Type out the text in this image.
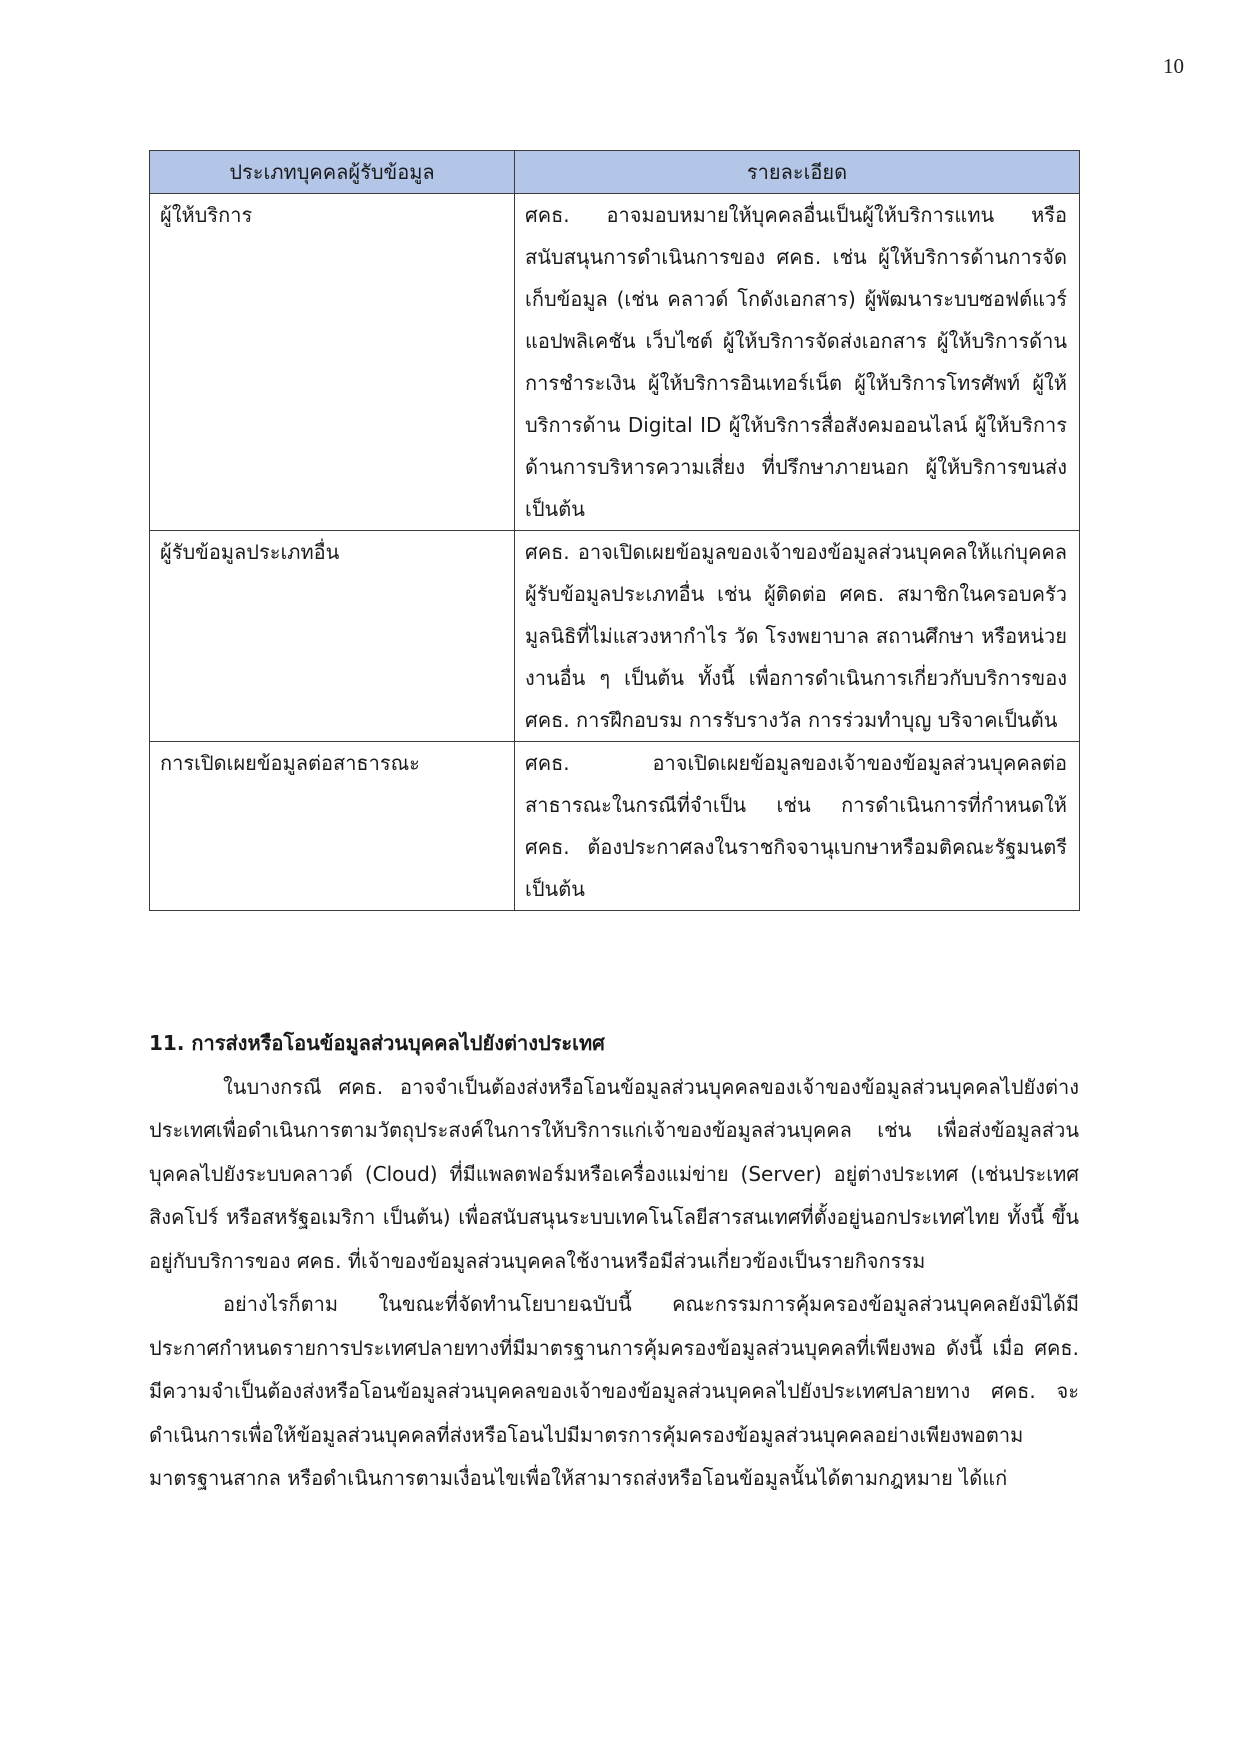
10
ประเภทบุคคลผู้รับข้อมูล	รายละเอียด
ผู้ให้บริการ	ศคธ. อาจมอบหมายให้บุคคลอื่นเป็นผู้ให้บริการแทน หรือสนับสนุนการดำเนินการของ ศคธ. เช่น ผู้ให้บริการด้านการจัดเก็บข้อมูล (เช่น คลาวด์ โกดังเอกสาร) ผู้พัฒนาระบบซอฟต์แวร์ แอปพลิเคชัน เว็บไซต์ ผู้ให้บริการจัดส่งเอกสาร ผู้ให้บริการด้านการชำระเงิน ผู้ให้บริการอินเทอร์เน็ต ผู้ให้บริการโทรศัพท์ ผู้ให้บริการด้าน Digital ID ผู้ให้บริการสื่อสังคมออนไลน์ ผู้ให้บริการด้านการบริหารความเสี่ยง ที่ปรึกษาภายนอก ผู้ให้บริการขนส่ง เป็นต้น
ผู้รับข้อมูลประเภทอื่น	ศคธ. อาจเปิดเผยข้อมูลของเจ้าของข้อมูลส่วนบุคคลให้แก่บุคคลผู้รับข้อมูลประเภทอื่น เช่น ผู้ติดต่อ ศคธ. สมาชิกในครอบครัว มูลนิธิที่ไม่แสวงหากำไร วัด โรงพยาบาล สถานศึกษา หรือหน่วยงานอื่น ๆ เป็นต้น ทั้งนี้ เพื่อการดำเนินการเกี่ยวกับบริการของ ศคธ. การฝึกอบรม การรับรางวัล การร่วมทำบุญ บริจาคเป็นต้น
การเปิดเผยข้อมูลต่อสาธารณะ	ศคธ. อาจเปิดเผยข้อมูลของเจ้าของข้อมูลส่วนบุคคลต่อสาธารณะในกรณีที่จำเป็น เช่น การดำเนินการที่กำหนดให้ ศคธ. ต้องประกาศลงในราชกิจจานุเบกษาหรือมติคณะรัฐมนตรี เป็นต้น
11. การส่งหรือโอนข้อมูลส่วนบุคคลไปยังต่างประเทศ

ในบางกรณี ศคธ. อาจจำเป็นต้องส่งหรือโอนข้อมูลส่วนบุคคลของเจ้าของข้อมูลส่วนบุคคลไปยังต่างประเทศเพื่อดำเนินการตามวัตถุประสงค์ในการให้บริการแก่เจ้าของข้อมูลส่วนบุคคล เช่น เพื่อส่งข้อมูลส่วนบุคคลไปยังระบบคลาวด์ (Cloud) ที่มีแพลตฟอร์มหรือเครื่องแม่ข่าย (Server) อยู่ต่างประเทศ (เช่นประเทศสิงคโปร์ หรือสหรัฐอเมริกา เป็นต้น) เพื่อสนับสนุนระบบเทคโนโลยีสารสนเทศที่ตั้งอยู่นอกประเทศไทย ทั้งนี้ ขึ้นอยู่กับบริการของ ศคธ. ที่เจ้าของข้อมูลส่วนบุคคลใช้งานหรือมีส่วนเกี่ยวข้องเป็นรายกิจกรรม

อย่างไรก็ตาม ในขณะที่จัดทำนโยบายฉบับนี้ คณะกรรมการคุ้มครองข้อมูลส่วนบุคคลยังมิได้มีประกาศกำหนดรายการประเทศปลายทางที่มีมาตรฐานการคุ้มครองข้อมูลส่วนบุคคลที่เพียงพอ ดังนี้ เมื่อ ศคธ. มีความจำเป็นต้องส่งหรือโอนข้อมูลส่วนบุคคลของเจ้าของข้อมูลส่วนบุคคลไปยังประเทศปลายทาง ศคธ. จะดำเนินการเพื่อให้ข้อมูลส่วนบุคคลที่ส่งหรือโอนไปมีมาตรการคุ้มครองข้อมูลส่วนบุคคลอย่างเพียงพอตามมาตรฐานสากล หรือดำเนินการตามเงื่อนไขเพื่อให้สามารถส่งหรือโอนข้อมูลนั้นได้ตามกฎหมาย ได้แก่
